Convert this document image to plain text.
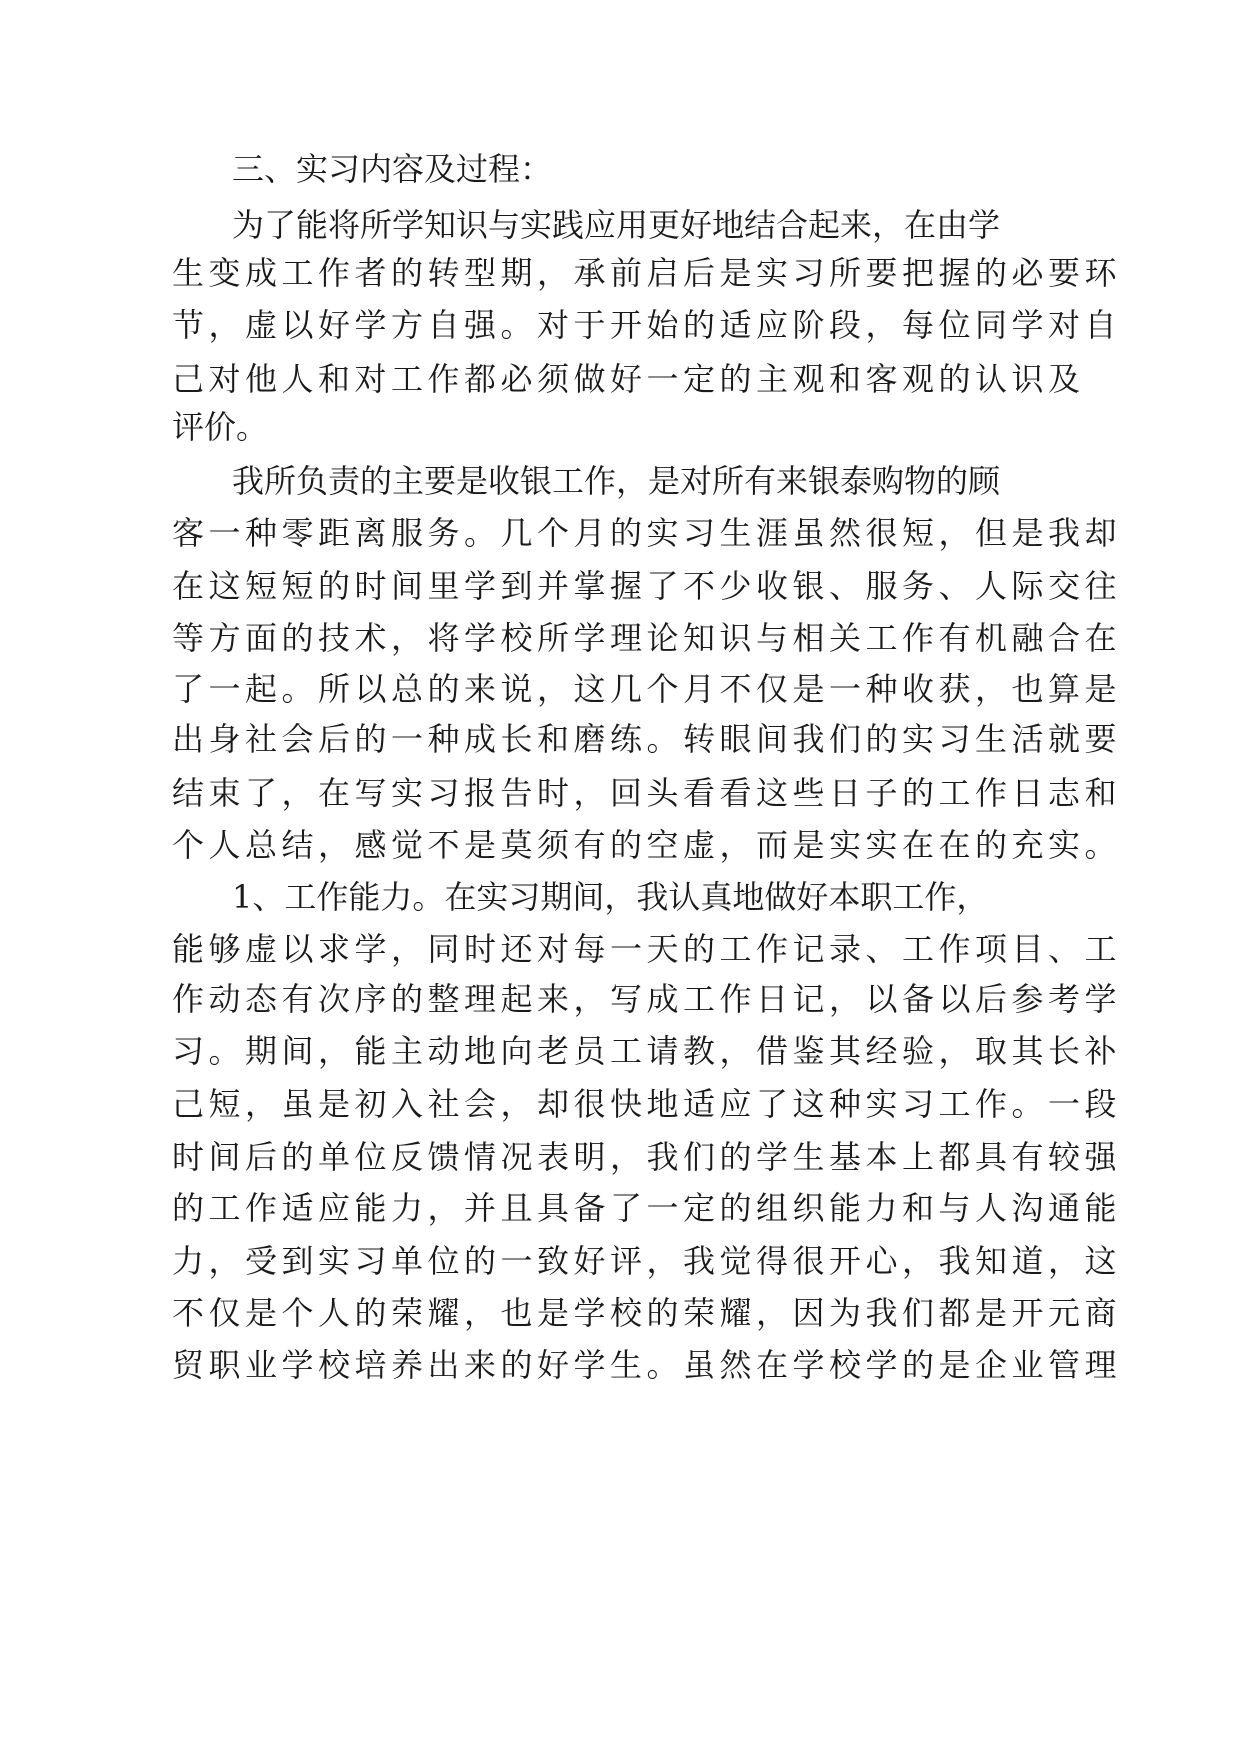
三、实习内容及过程：

为了能将所学知识与实践应用更好地结合起来，在由学

生变成工作者的转型期，承前启后是实习所要把握的必要环

节，虚以好学方自强。对于开始的适应阶段，每位同学对自

己对他人和对工作都必须做好一定的主观和客观的认识及

评价。

我所负责的主要是收银工作，是对所有来银泰购物的顾

客一种零距离服务。几个月的实习生涯虽然很短，但是我却

在这短短的时间里学到并掌握了不少收银、服务、人际交往

等方面的技术，将学校所学理论知识与相关工作有机融合在

了一起。所以总的来说，这几个月不仅是一种收获，也算是

出身社会后的一种成长和磨练。转眼间我们的实习生活就要

结束了，在写实习报告时，回头看看这些日子的工作日志和

个人总结，感觉不是莫须有的空虚，而是实实在在的充实。

1、工作能力。在实习期间，我认真地做好本职工作，

能够虚以求学，同时还对每一天的工作记录、工作项目、工

作动态有次序的整理起来，写成工作日记，以备以后参考学

习。期间，能主动地向老员工请教，借鉴其经验，取其长补

己短，虽是初入社会，却很快地适应了这种实习工作。一段

时间后的单位反馈情况表明，我们的学生基本上都具有较强

的工作适应能力，并且具备了一定的组织能力和与人沟通能

力，受到实习单位的一致好评，我觉得很开心，我知道，这

不仅是个人的荣耀，也是学校的荣耀，因为我们都是开元商

贸职业学校培养出来的好学生。虽然在学校学的是企业管理
